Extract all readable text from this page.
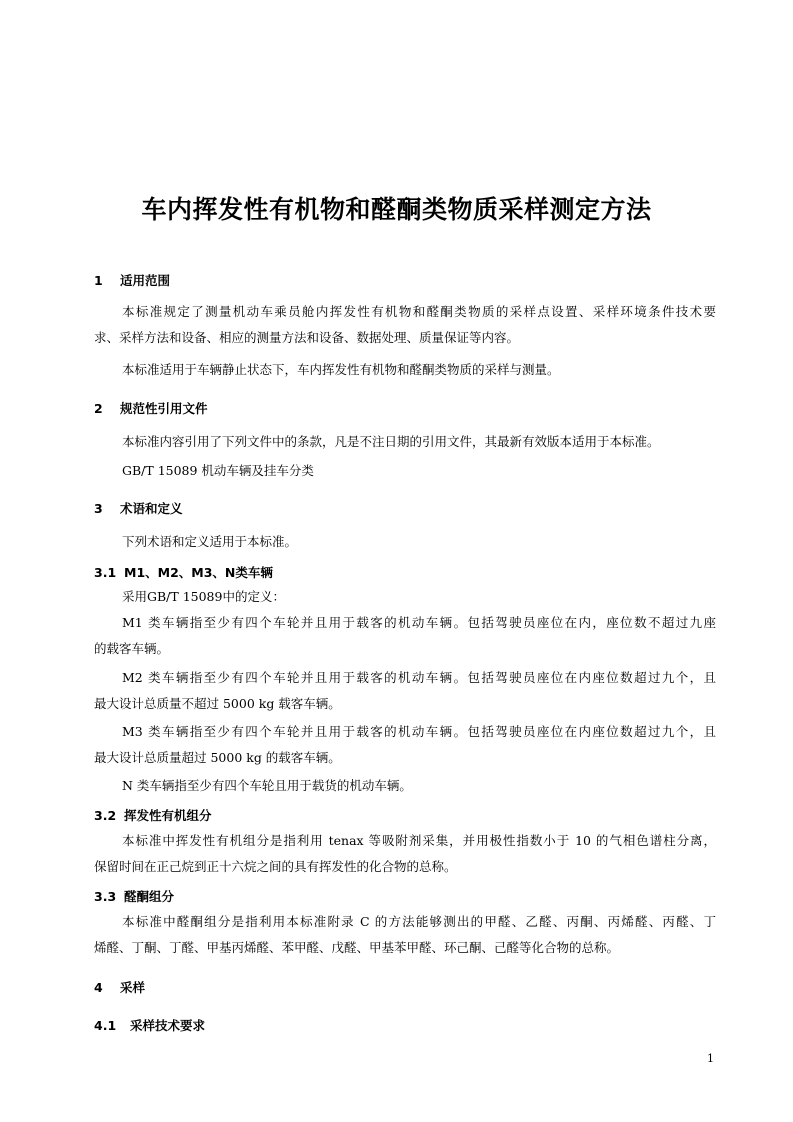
车内挥发性有机物和醛酮类物质采样测定方法
1 适用范围
本标准规定了测量机动车乘员舱内挥发性有机物和醛酮类物质的采样点设置、采样环境条件技术要
求、采样方法和设备、相应的测量方法和设备、数据处理、质量保证等内容。
本标准适用于车辆静止状态下，车内挥发性有机物和醛酮类物质的采样与测量。
2 规范性引用文件
本标准内容引用了下列文件中的条款，凡是不注日期的引用文件，其最新有效版本适用于本标准。
GB/T 15089 机动车辆及挂车分类
3 术语和定义
下列术语和定义适用于本标准。
3.1 M1、M2、M3、N类车辆
采用GB/T 15089中的定义：
M1 类车辆指至少有四个车轮并且用于载客的机动车辆。包括驾驶员座位在内，座位数不超过九座
的载客车辆。
M2 类车辆指至少有四个车轮并且用于载客的机动车辆。包括驾驶员座位在内座位数超过九个，且
最大设计总质量不超过 5000 kg 载客车辆。
M3 类车辆指至少有四个车轮并且用于载客的机动车辆。包括驾驶员座位在内座位数超过九个，且
最大设计总质量超过 5000 kg 的载客车辆。
N 类车辆指至少有四个车轮且用于载货的机动车辆。
3.2 挥发性有机组分
本标准中挥发性有机组分是指利用 tenax 等吸附剂采集，并用极性指数小于 10 的气相色谱柱分离，
保留时间在正己烷到正十六烷之间的具有挥发性的化合物的总称。
3.3 醛酮组分
本标准中醛酮组分是指利用本标准附录 C 的方法能够测出的甲醛、乙醛、丙酮、丙烯醛、丙醛、丁
烯醛、丁酮、丁醛、甲基丙烯醛、苯甲醛、戊醛、甲基苯甲醛、环己酮、己醛等化合物的总称。
4 采样
4.1 采样技术要求
1
